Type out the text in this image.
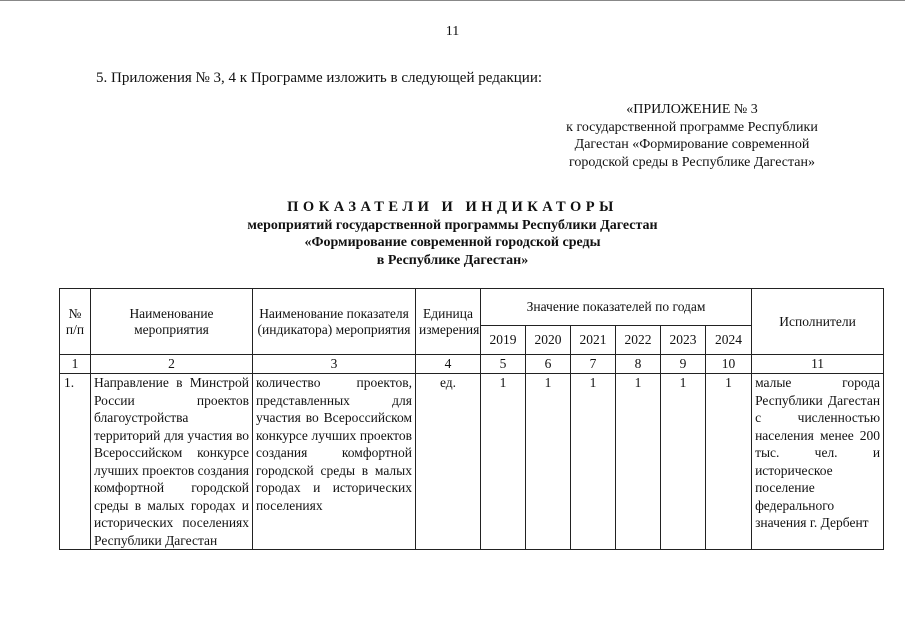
11
5. Приложения № 3, 4 к Программе изложить в следующей редакции:
«ПРИЛОЖЕНИЕ № 3
к государственной программе Республики
Дагестан «Формирование современной
городской среды в Республике Дагестан»
ПОКАЗАТЕЛИ И ИНДИКАТОРЫ
мероприятий государственной программы Республики Дагестан
«Формирование современной городской среды
в Республике Дагестан»
№ п/п	Наименование мероприятия	Наименование показателя (индикатора) мероприятия	Единица измерения	Значение показателей по годам						Исполнители
				2019	2020	2021	2022	2023	2024	
1	2	3	4	5	6	7	8	9	10	11
1.	Направление в Минстрой России проектов благоустройства территорий для участия во Всероссийском конкурсе лучших проектов создания комфортной городской среды в малых городах и исторических поселениях Республики Дагестан	количество проектов, представленных для участия во Всероссийском конкурсе лучших проектов создания комфортной городской среды в малых городах и исторических поселениях	ед.	1	1	1	1	1	1	малые города Республики Дагестан с численностью населения менее 200 тыс. чел. и историческое поселение федерального значения г. Дербент
